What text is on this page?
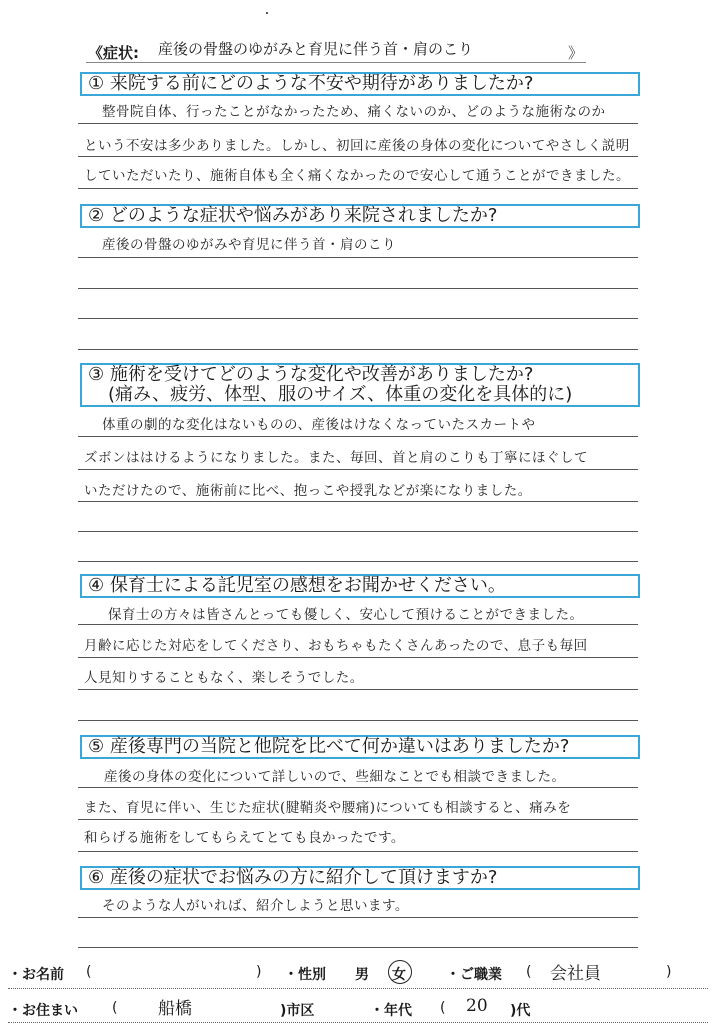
《症状: 産後の骨盤のゆがみと育児に伴う首・肩のこり	》
① 来院する前にどのような不安や期待がありましたか?
整骨院自体、行ったことがなかったため、痛くないのか、どのような施術なのか
という不安は多少ありました。しかし、初回に産後の身体の変化についてやさしく説明
していただいたり、施術自体も全く痛くなかったので安心して通うことができました。
② どのような症状や悩みがあり来院されましたか?
産後の骨盤のゆがみや育児に伴う首・肩のこり
③ 施術を受けてどのような変化や改善がありましたか?
(痛み、疲労、体型、服のサイズ、体重の変化を具体的に)
体重の劇的な変化はないものの、産後はけなくなっていたスカートや
ズボンははけるようになりました。また、毎回、首と肩のこりも丁寧にほぐして
いただけたので、施術前に比べ、抱っこや授乳などが楽になりました。
④ 保育士による託児室の感想をお聞かせください。
保育士の方々は皆さんとっても優しく、安心して預けることができました。
月齢に応じた対応をしてくださり、おもちゃもたくさんあったので、息子も毎回
人見知りすることもなく、楽しそうでした。
⑤ 産後専門の当院と他院を比べて何か違いはありましたか?
産後の身体の変化について詳しいので、些細なことでも相談できました。
また、育児に伴い、生じた症状(腱鞘炎や腰痛)についても相談すると、痛みを
和らげる施術をしてもらえてとても良かったです。
⑥ 産後の症状でお悩みの方に紹介して頂けますか?
そのような人がいれば、紹介しようと思います。
・お名前 (	) ・性別 男 女	・ご職業 ( 会社員	)
・お住まい ( 船橋	)市区	・年代 ( 20 )代
